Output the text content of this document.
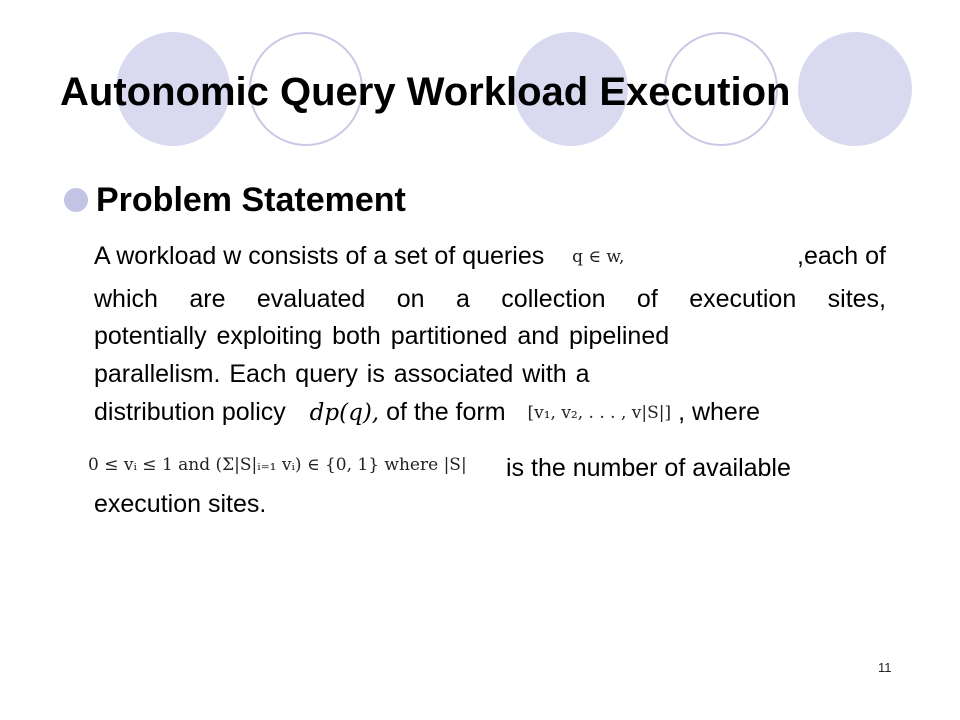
Autonomic Query Workload Execution
Problem Statement
A workload w consists of a set of queries q ∈ w,	,each of
which are evaluated on a collection of execution sites,
potentially exploiting both partitioned and pipelined
parallelism. Each query is associated with a
distribution policy dp(q), of the form [v₁, v₂, . . . , v|S|] , where
0 ≤ vᵢ ≤ 1 and (Σ|S|ᵢ₌₁ vᵢ) ∈ {0, 1} where |S| is the number of available
execution sites.
11
